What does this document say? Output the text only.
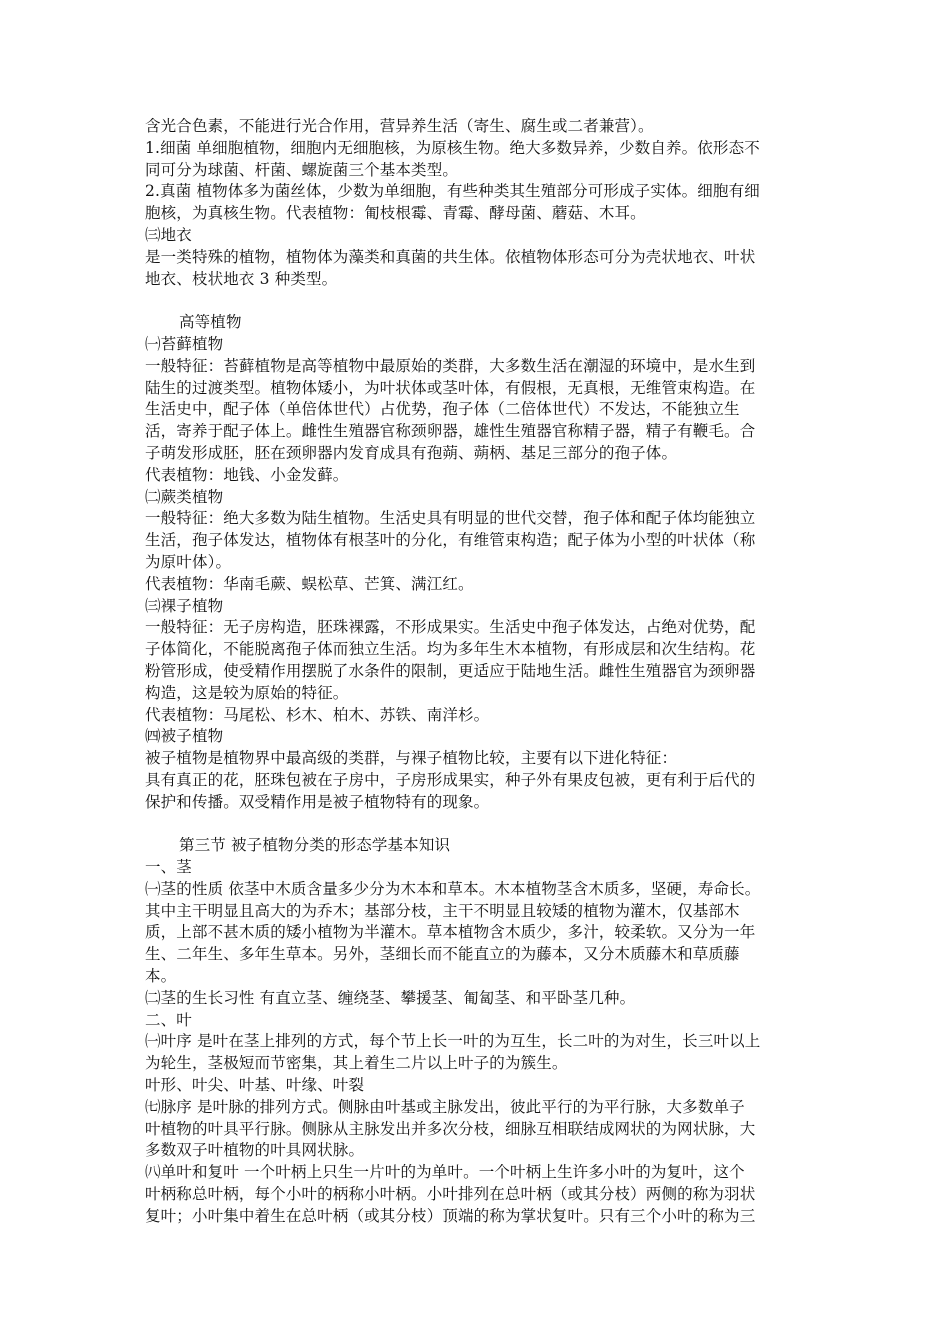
含光合色素，不能进行光合作用，营异养生活（寄生、腐生或二者兼营）。
1.细菌 单细胞植物，细胞内无细胞核，为原核生物。绝大多数异养，少数自养。依形态不
同可分为球菌、杆菌、螺旋菌三个基本类型。
2.真菌 植物体多为菌丝体，少数为单细胞，有些种类其生殖部分可形成子实体。细胞有细
胞核，为真核生物。代表植物：匍枝根霉、青霉、酵母菌、蘑菇、木耳。
㈢地衣
是一类特殊的植物，植物体为藻类和真菌的共生体。依植物体形态可分为壳状地衣、叶状
地衣、枝状地衣 3 种类型。
高等植物
㈠苔藓植物
一般特征：苔藓植物是高等植物中最原始的类群，大多数生活在潮湿的环境中，是水生到
陆生的过渡类型。植物体矮小，为叶状体或茎叶体，有假根，无真根，无维管束构造。在
生活史中，配子体（单倍体世代）占优势，孢子体（二倍体世代）不发达，不能独立生
活，寄养于配子体上。雌性生殖器官称颈卵器，雄性生殖器官称精子器，精子有鞭毛。合
子萌发形成胚，胚在颈卵器内发育成具有孢蒴、蒴柄、基足三部分的孢子体。
代表植物：地钱、小金发藓。
㈡蕨类植物
一般特征：绝大多数为陆生植物。生活史具有明显的世代交替，孢子体和配子体均能独立
生活，孢子体发达，植物体有根茎叶的分化，有维管束构造；配子体为小型的叶状体（称
为原叶体）。
代表植物：华南毛蕨、蜈松草、芒箕、满江红。
㈢裸子植物
一般特征：无子房构造，胚珠裸露，不形成果实。生活史中孢子体发达，占绝对优势，配
子体简化，不能脱离孢子体而独立生活。均为多年生木本植物，有形成层和次生结构。花
粉管形成，使受精作用摆脱了水条件的限制，更适应于陆地生活。雌性生殖器官为颈卵器
构造，这是较为原始的特征。
代表植物：马尾松、杉木、柏木、苏铁、南洋杉。
㈣被子植物
被子植物是植物界中最高级的类群，与裸子植物比较，主要有以下进化特征：
具有真正的花，胚珠包被在子房中，子房形成果实，种子外有果皮包被，更有利于后代的
保护和传播。双受精作用是被子植物特有的现象。
第三节 被子植物分类的形态学基本知识
一、茎
㈠茎的性质 依茎中木质含量多少分为木本和草本。木本植物茎含木质多，坚硬，寿命长。
其中主干明显且高大的为乔木；基部分枝，主干不明显且较矮的植物为灌木，仅基部木
质，上部不甚木质的矮小植物为半灌木。草本植物含木质少，多汁，较柔软。又分为一年
生、二年生、多年生草本。另外，茎细长而不能直立的为藤本，又分木质藤木和草质藤
本。
㈡茎的生长习性 有直立茎、缠绕茎、攀援茎、匍匐茎、和平卧茎几种。
二、叶
㈠叶序 是叶在茎上排列的方式，每个节上长一叶的为互生，长二叶的为对生，长三叶以上
为轮生，茎极短而节密集，其上着生二片以上叶子的为簇生。
叶形、叶尖、叶基、叶缘、叶裂
㈦脉序 是叶脉的排列方式。侧脉由叶基或主脉发出，彼此平行的为平行脉，大多数单子
叶植物的叶具平行脉。侧脉从主脉发出并多次分枝，细脉互相联结成网状的为网状脉，大
多数双子叶植物的叶具网状脉。
㈧单叶和复叶 一个叶柄上只生一片叶的为单叶。一个叶柄上生许多小叶的为复叶，这个
叶柄称总叶柄，每个小叶的柄称小叶柄。小叶排列在总叶柄（或其分枝）两侧的称为羽状
复叶；小叶集中着生在总叶柄（或其分枝）顶端的称为掌状复叶。只有三个小叶的称为三
